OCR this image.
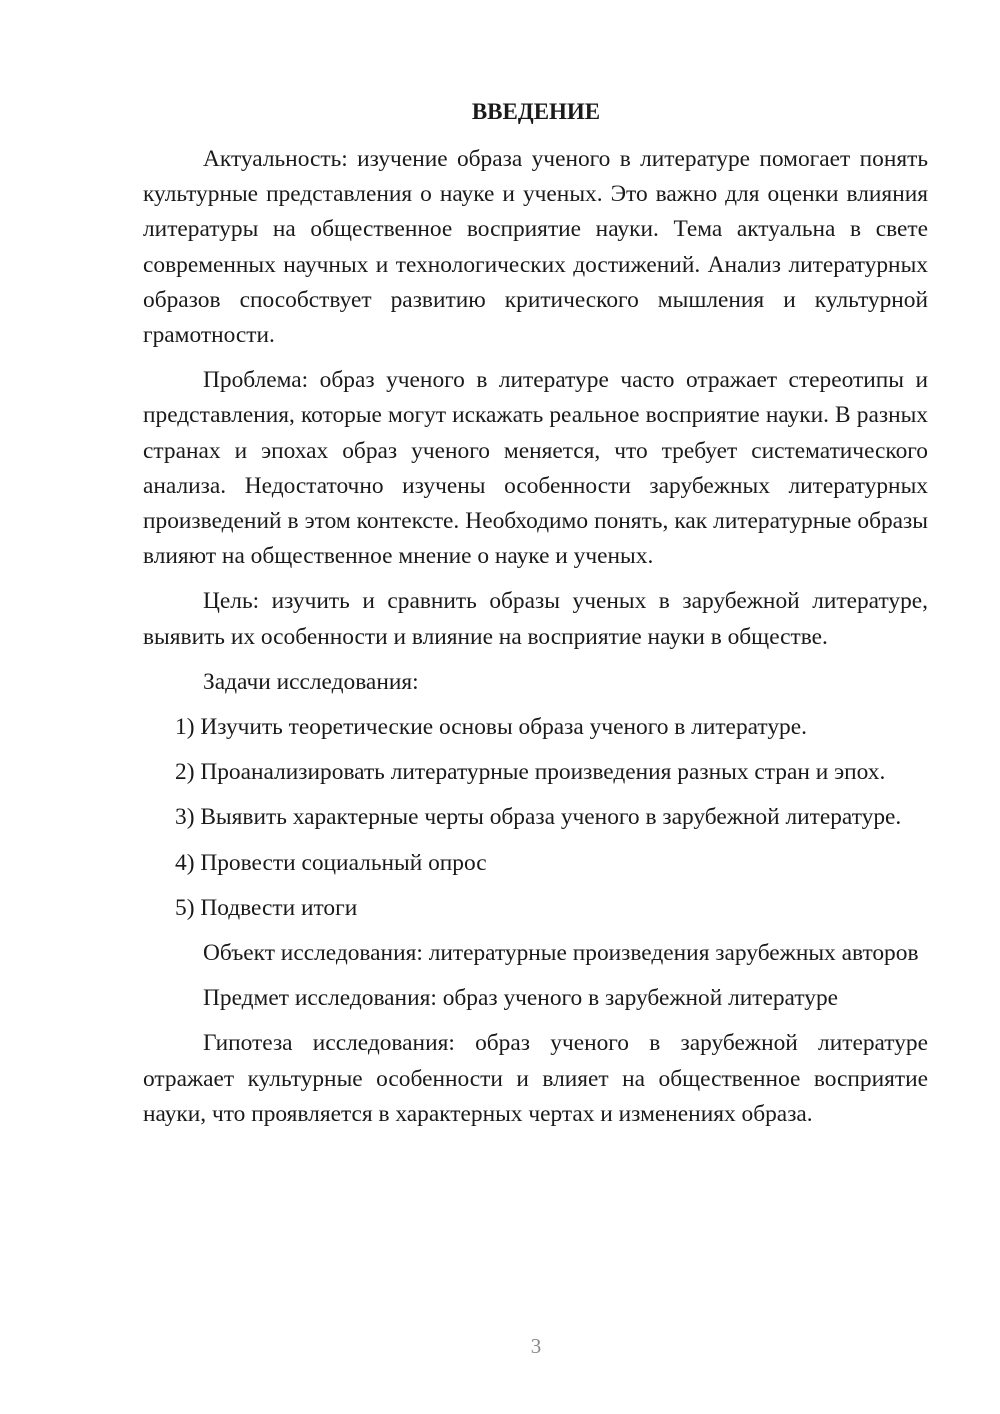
ВВЕДЕНИЕ

Актуальность: изучение образа ученого в литературе помогает понять культурные представления о науке и ученых. Это важно для оценки влияния литературы на общественное восприятие науки. Тема актуальна в свете современных научных и технологических достижений. Анализ литературных образов способствует развитию критического мышления и культурной грамотности.

Проблема: образ ученого в литературе часто отражает стереотипы и представления, которые могут искажать реальное восприятие науки. В разных странах и эпохах образ ученого меняется, что требует систематического анализа. Недостаточно изучены особенности зарубежных литературных произведений в этом контексте. Необходимо понять, как литературные образы влияют на общественное мнение о науке и ученых.

Цель: изучить и сравнить образы ученых в зарубежной литературе, выявить их особенности и влияние на восприятие науки в обществе.

Задачи исследования:

1) Изучить теоретические основы образа ученого в литературе.

2) Проанализировать литературные произведения разных стран и эпох.

3) Выявить характерные черты образа ученого в зарубежной литературе.

4) Провести социальный опрос

5) Подвести итоги

Объект исследования: литературные произведения зарубежных авторов

Предмет исследования: образ ученого в зарубежной литературе

Гипотеза исследования: образ ученого в зарубежной литературе отражает культурные особенности и влияет на общественное восприятие науки, что проявляется в характерных чертах и изменениях образа.

3
